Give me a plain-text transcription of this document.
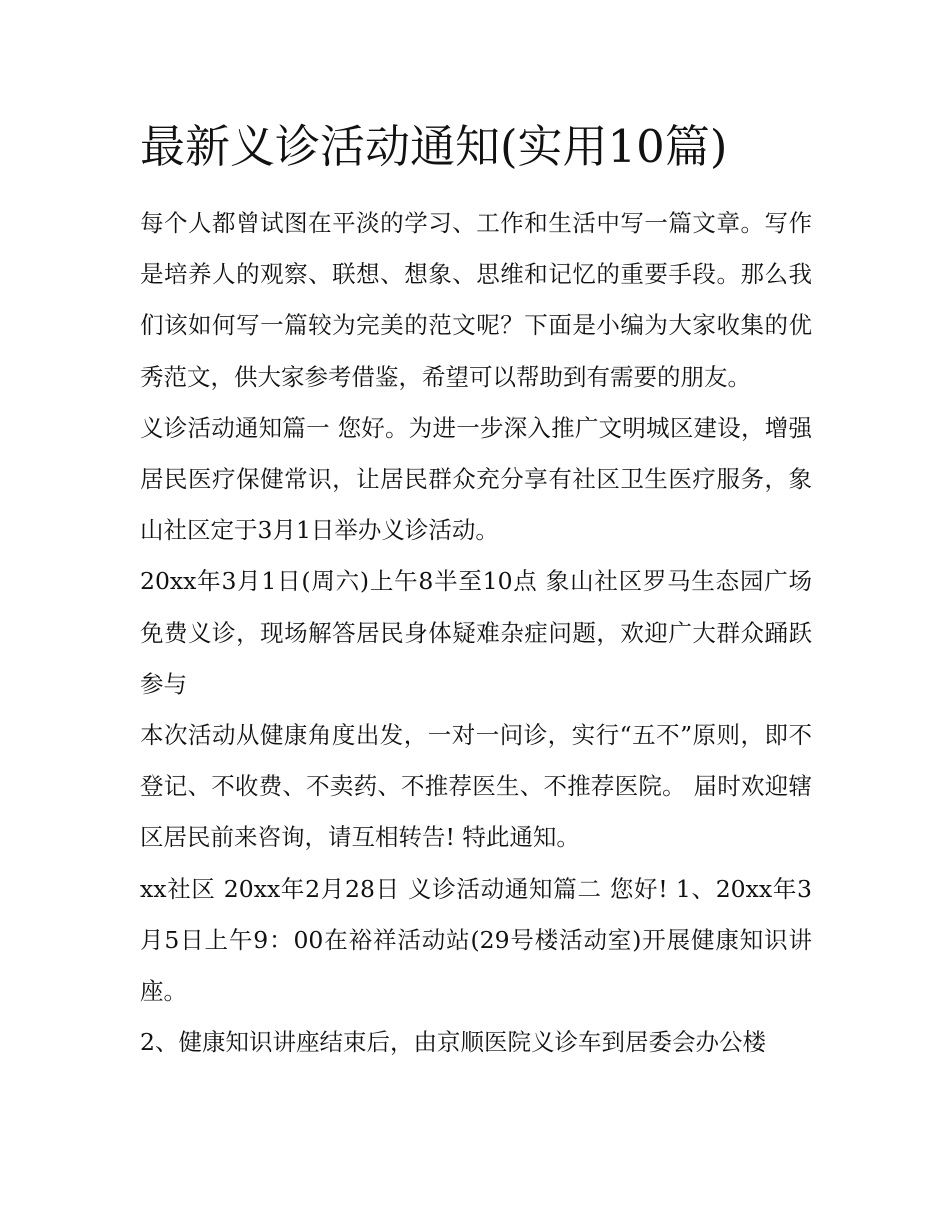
最新义诊活动通知(实用10篇)

每个人都曾试图在平淡的学习、工作和生活中写一篇文章。写作是培养人的观察、联想、想象、思维和记忆的重要手段。那么我们该如何写一篇较为完美的范文呢？下面是小编为大家收集的优秀范文，供大家参考借鉴，希望可以帮助到有需要的朋友。

义诊活动通知篇一 您好。为进一步深入推广文明城区建设，增强居民医疗保健常识，让居民群众充分享有社区卫生医疗服务，象山社区定于3月1日举办义诊活动。

20xx年3月1日(周六)上午8半至10点 象山社区罗马生态园广场 免费义诊，现场解答居民身体疑难杂症问题，欢迎广大群众踊跃参与

本次活动从健康角度出发，一对一问诊，实行“五不”原则，即不登记、不收费、不卖药、不推荐医生、不推荐医院。 届时欢迎辖区居民前来咨询，请互相转告! 特此通知。

xx社区 20xx年2月28日 义诊活动通知篇二 您好! 1、20xx年3月5日上午9：00在裕祥活动站(29号楼活动室)开展健康知识讲座。

2、健康知识讲座结束后，由京顺医院义诊车到居委会办公楼
